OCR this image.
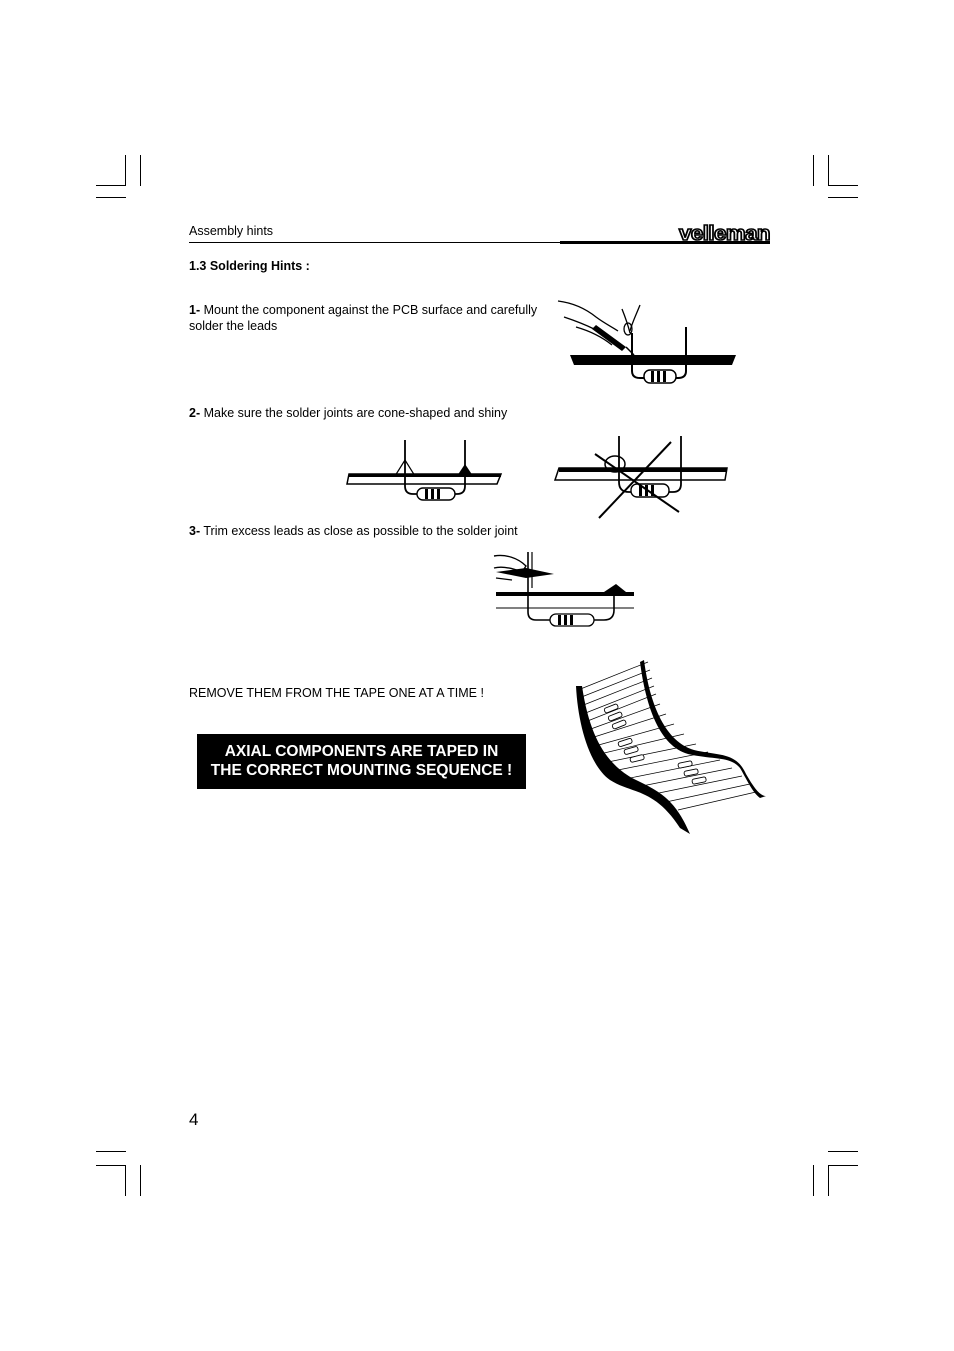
Assembly hints	velleman
1.3 Soldering Hints :
1- Mount the component against the PCB surface and carefully solder the leads
2- Make sure the solder joints are cone-shaped and shiny
3- Trim excess leads as close as possible to the solder joint
REMOVE THEM FROM THE TAPE ONE AT A TIME !
AXIAL COMPONENTS ARE TAPED IN
THE CORRECT MOUNTING SEQUENCE !
4
